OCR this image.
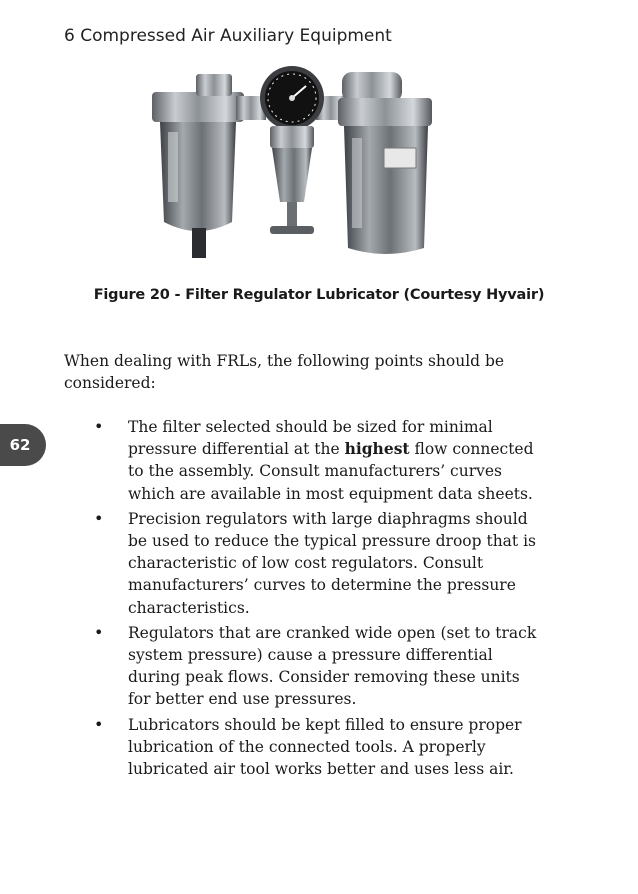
6 Compressed Air Auxiliary Equipment
62
Figure 20 - Filter Regulator Lubricator (Courtesy Hyvair)

When dealing with FRLs, the following points should be considered:

• The filter selected should be sized for minimal pressure differential at the highest flow connected to the assembly. Consult manufacturers’ curves which are available in most equipment data sheets.
• Precision regulators with large diaphragms should be used to reduce the typical pressure droop that is characteristic of low cost regulators. Consult manufacturers’ curves to determine the pressure characteristics.
• Regulators that are cranked wide open (set to track system pressure) cause a pressure differential during peak flows. Consider removing these units for better end use pressures.
• Lubricators should be kept filled to ensure proper lubrication of the connected tools. A properly lubricated air tool works better and uses less air.
